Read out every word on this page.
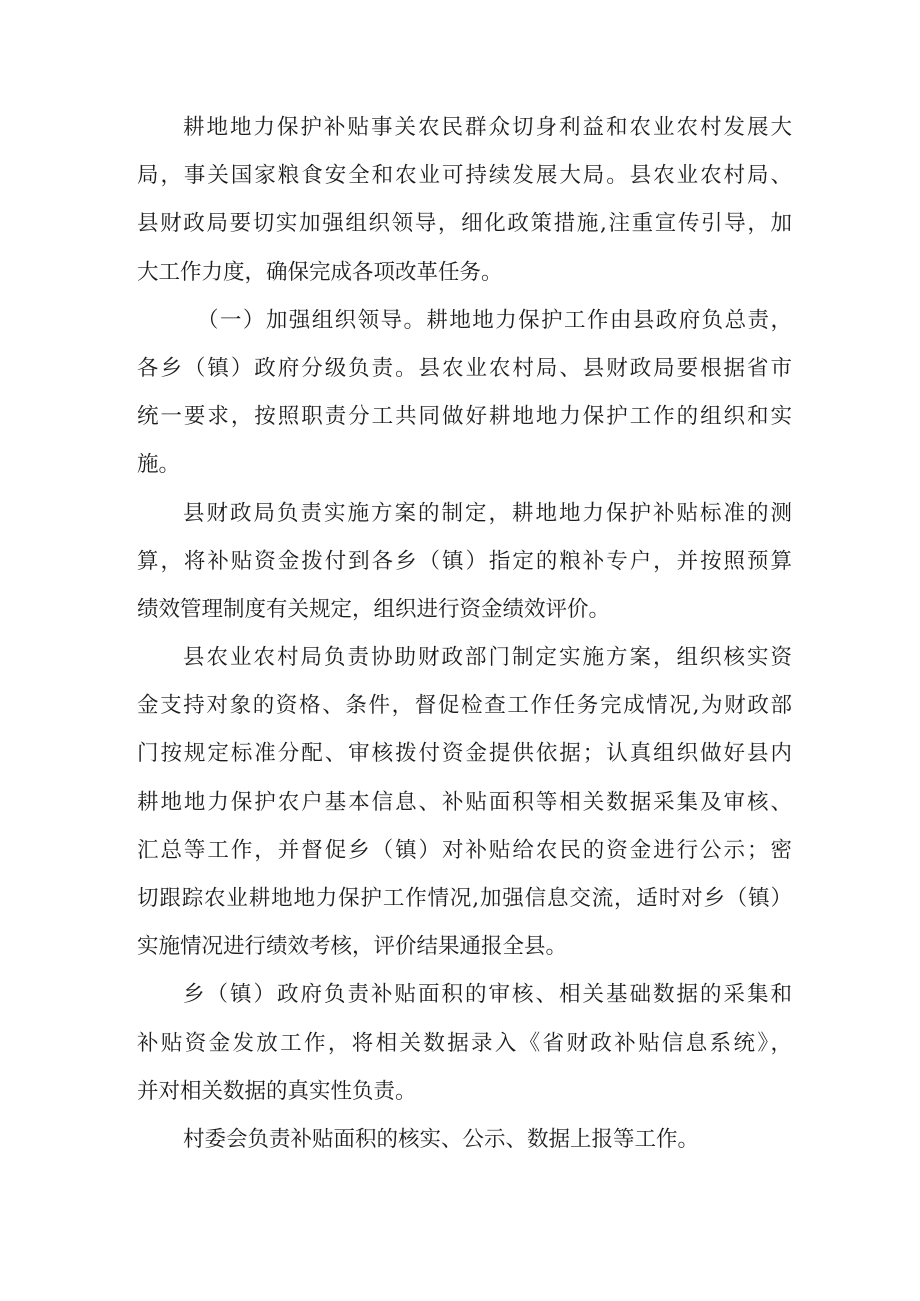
耕地地力保护补贴事关农民群众切身利益和农业农村发展大
局，事关国家粮食安全和农业可持续发展大局。县农业农村局、
县财政局要切实加强组织领导，细化政策措施,注重宣传引导，加
大工作力度，确保完成各项改革任务。
（一）加强组织领导。耕地地力保护工作由县政府负总责，
各乡（镇）政府分级负责。县农业农村局、县财政局要根据省市
统一要求，按照职责分工共同做好耕地地力保护工作的组织和实
施。
县财政局负责实施方案的制定，耕地地力保护补贴标准的测
算，将补贴资金拨付到各乡（镇）指定的粮补专户，并按照预算
绩效管理制度有关规定，组织进行资金绩效评价。
县农业农村局负责协助财政部门制定实施方案，组织核实资
金支持对象的资格、条件，督促检查工作任务完成情况,为财政部
门按规定标准分配、审核拨付资金提供依据；认真组织做好县内
耕地地力保护农户基本信息、补贴面积等相关数据采集及审核、
汇总等工作，并督促乡（镇）对补贴给农民的资金进行公示；密
切跟踪农业耕地地力保护工作情况,加强信息交流，适时对乡（镇）
实施情况进行绩效考核，评价结果通报全县。
乡（镇）政府负责补贴面积的审核、相关基础数据的采集和
补贴资金发放工作，将相关数据录入《省财政补贴信息系统》，
并对相关数据的真实性负责。
村委会负责补贴面积的核实、公示、数据上报等工作。
